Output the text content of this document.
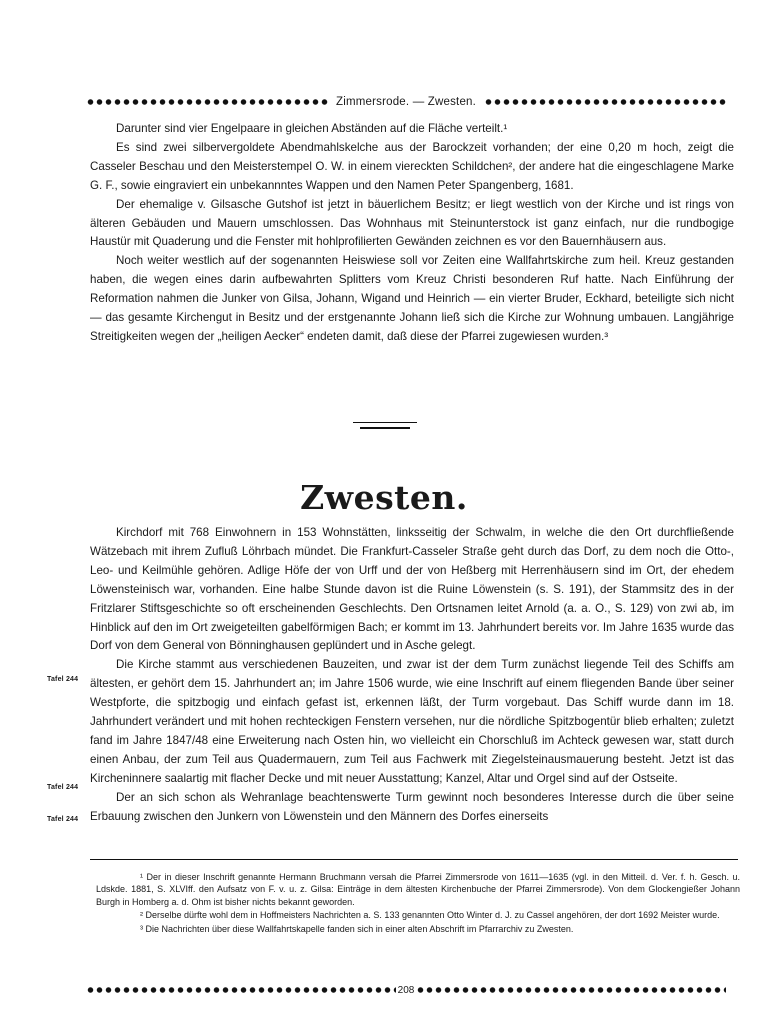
Zimmersrode. — Zwesten.

Darunter sind vier Engelpaare in gleichen Abständen auf die Fläche verteilt.¹

Es sind zwei silbervergoldete Abendmahlskelche aus der Barockzeit vorhanden; der eine 0,20 m hoch, zeigt die Casseler Beschau und den Meisterstempel O. W. in einem viereckten Schildchen², der andere hat die eingeschlagene Marke G. F., sowie eingraviert ein unbekannntes Wappen und den Namen Peter Spangenberg, 1681.

Der ehemalige v. Gilsasche Gutshof ist jetzt in bäuerlichem Besitz; er liegt westlich von der Kirche und ist rings von älteren Gebäuden und Mauern umschlossen. Das Wohnhaus mit Steinunterstock ist ganz einfach, nur die rundbogige Haustür mit Quaderung und die Fenster mit hohlprofilierten Gewänden zeichnen es vor den Bauernhäusern aus.

Noch weiter westlich auf der sogenannten Heiswiese soll vor Zeiten eine Wallfahrtskirche zum heil. Kreuz gestanden haben, die wegen eines darin aufbewahrten Splitters vom Kreuz Christi besonderen Ruf hatte. Nach Einführung der Reformation nahmen die Junker von Gilsa, Johann, Wigand und Heinrich — ein vierter Bruder, Eckhard, beteiligte sich nicht — das gesamte Kirchengut in Besitz und der erstgenannte Johann ließ sich die Kirche zur Wohnung umbauen. Langjährige Streitigkeiten wegen der „heiligen Aecker“ endeten damit, daß diese der Pfarrei zugewiesen wurden.³

Zwesten.

Kirchdorf mit 768 Einwohnern in 153 Wohnstätten, linksseitig der Schwalm, in welche die den Ort durchfließende Wätzebach mit ihrem Zufluß Löhrbach mündet. Die Frankfurt-Casseler Straße geht durch das Dorf, zu dem noch die Otto-, Leo- und Keilmühle gehören. Adlige Höfe der von Urff und der von Heßberg mit Herrenhäusern sind im Ort, der ehedem Löwensteinisch war, vorhanden. Eine halbe Stunde davon ist die Ruine Löwenstein (s. S. 191), der Stammsitz des in der Fritzlarer Stiftsgeschichte so oft erscheinenden Geschlechts. Den Ortsnamen leitet Arnold (a. a. O., S. 129) von zwi ab, im Hinblick auf den im Ort zweigeteilten gabelförmigen Bach; er kommt im 13. Jahrhundert bereits vor. Im Jahre 1635 wurde das Dorf von dem General von Bönninghausen geplündert und in Asche gelegt.

Die Kirche stammt aus verschiedenen Bauzeiten, und zwar ist der dem Turm zunächst liegende Teil des Schiffs am ältesten, er gehört dem 15. Jahrhundert an; im Jahre 1506 wurde, wie eine Inschrift auf einem fliegenden Bande über seiner Westpforte, die spitzbogig und einfach gefast ist, erkennen läßt, der Turm vorgebaut. Das Schiff wurde dann im 18. Jahrhundert verändert und mit hohen rechteckigen Fenstern versehen, nur die nördliche Spitzbogentür blieb erhalten; zuletzt fand im Jahre 1847/48 eine Erweiterung nach Osten hin, wo vielleicht ein Chorschluß im Achteck gewesen war, statt durch einen Anbau, der zum Teil aus Quadermauern, zum Teil aus Fachwerk mit Ziegelsteinausmauerung besteht. Jetzt ist das Kircheninnere saalartig mit flacher Decke und mit neuer Ausstattung; Kanzel, Altar und Orgel sind auf der Ostseite.

Der an sich schon als Wehranlage beachtenswerte Turm gewinnt noch besonderes Interesse durch die über seine Erbauung zwischen den Junkern von Löwenstein und den Männern des Dorfes einerseits

Tafel 244
Tafel 244
Tafel 244

¹ Der in dieser Inschrift genannte Hermann Bruchmann versah die Pfarrei Zimmersrode von 1611—1635 (vgl. in den Mitteil. d. Ver. f. h. Gesch. u. Ldskde. 1881, S. XLVIff. den Aufsatz von F. v. u. z. Gilsa: Einträge in dem ältesten Kirchenbuche der Pfarrei Zimmersrode). Von dem Glockengießer Johann Burgh in Homberg a. d. Ohm ist bisher nichts bekannt geworden.

² Derselbe dürfte wohl dem in Hoffmeisters Nachrichten a. S. 133 genannten Otto Winter d. J. zu Cassel angehören, der dort 1692 Meister wurde.

³ Die Nachrichten über diese Wallfahrtskapelle fanden sich in einer alten Abschrift im Pfarrarchiv zu Zwesten.

208
